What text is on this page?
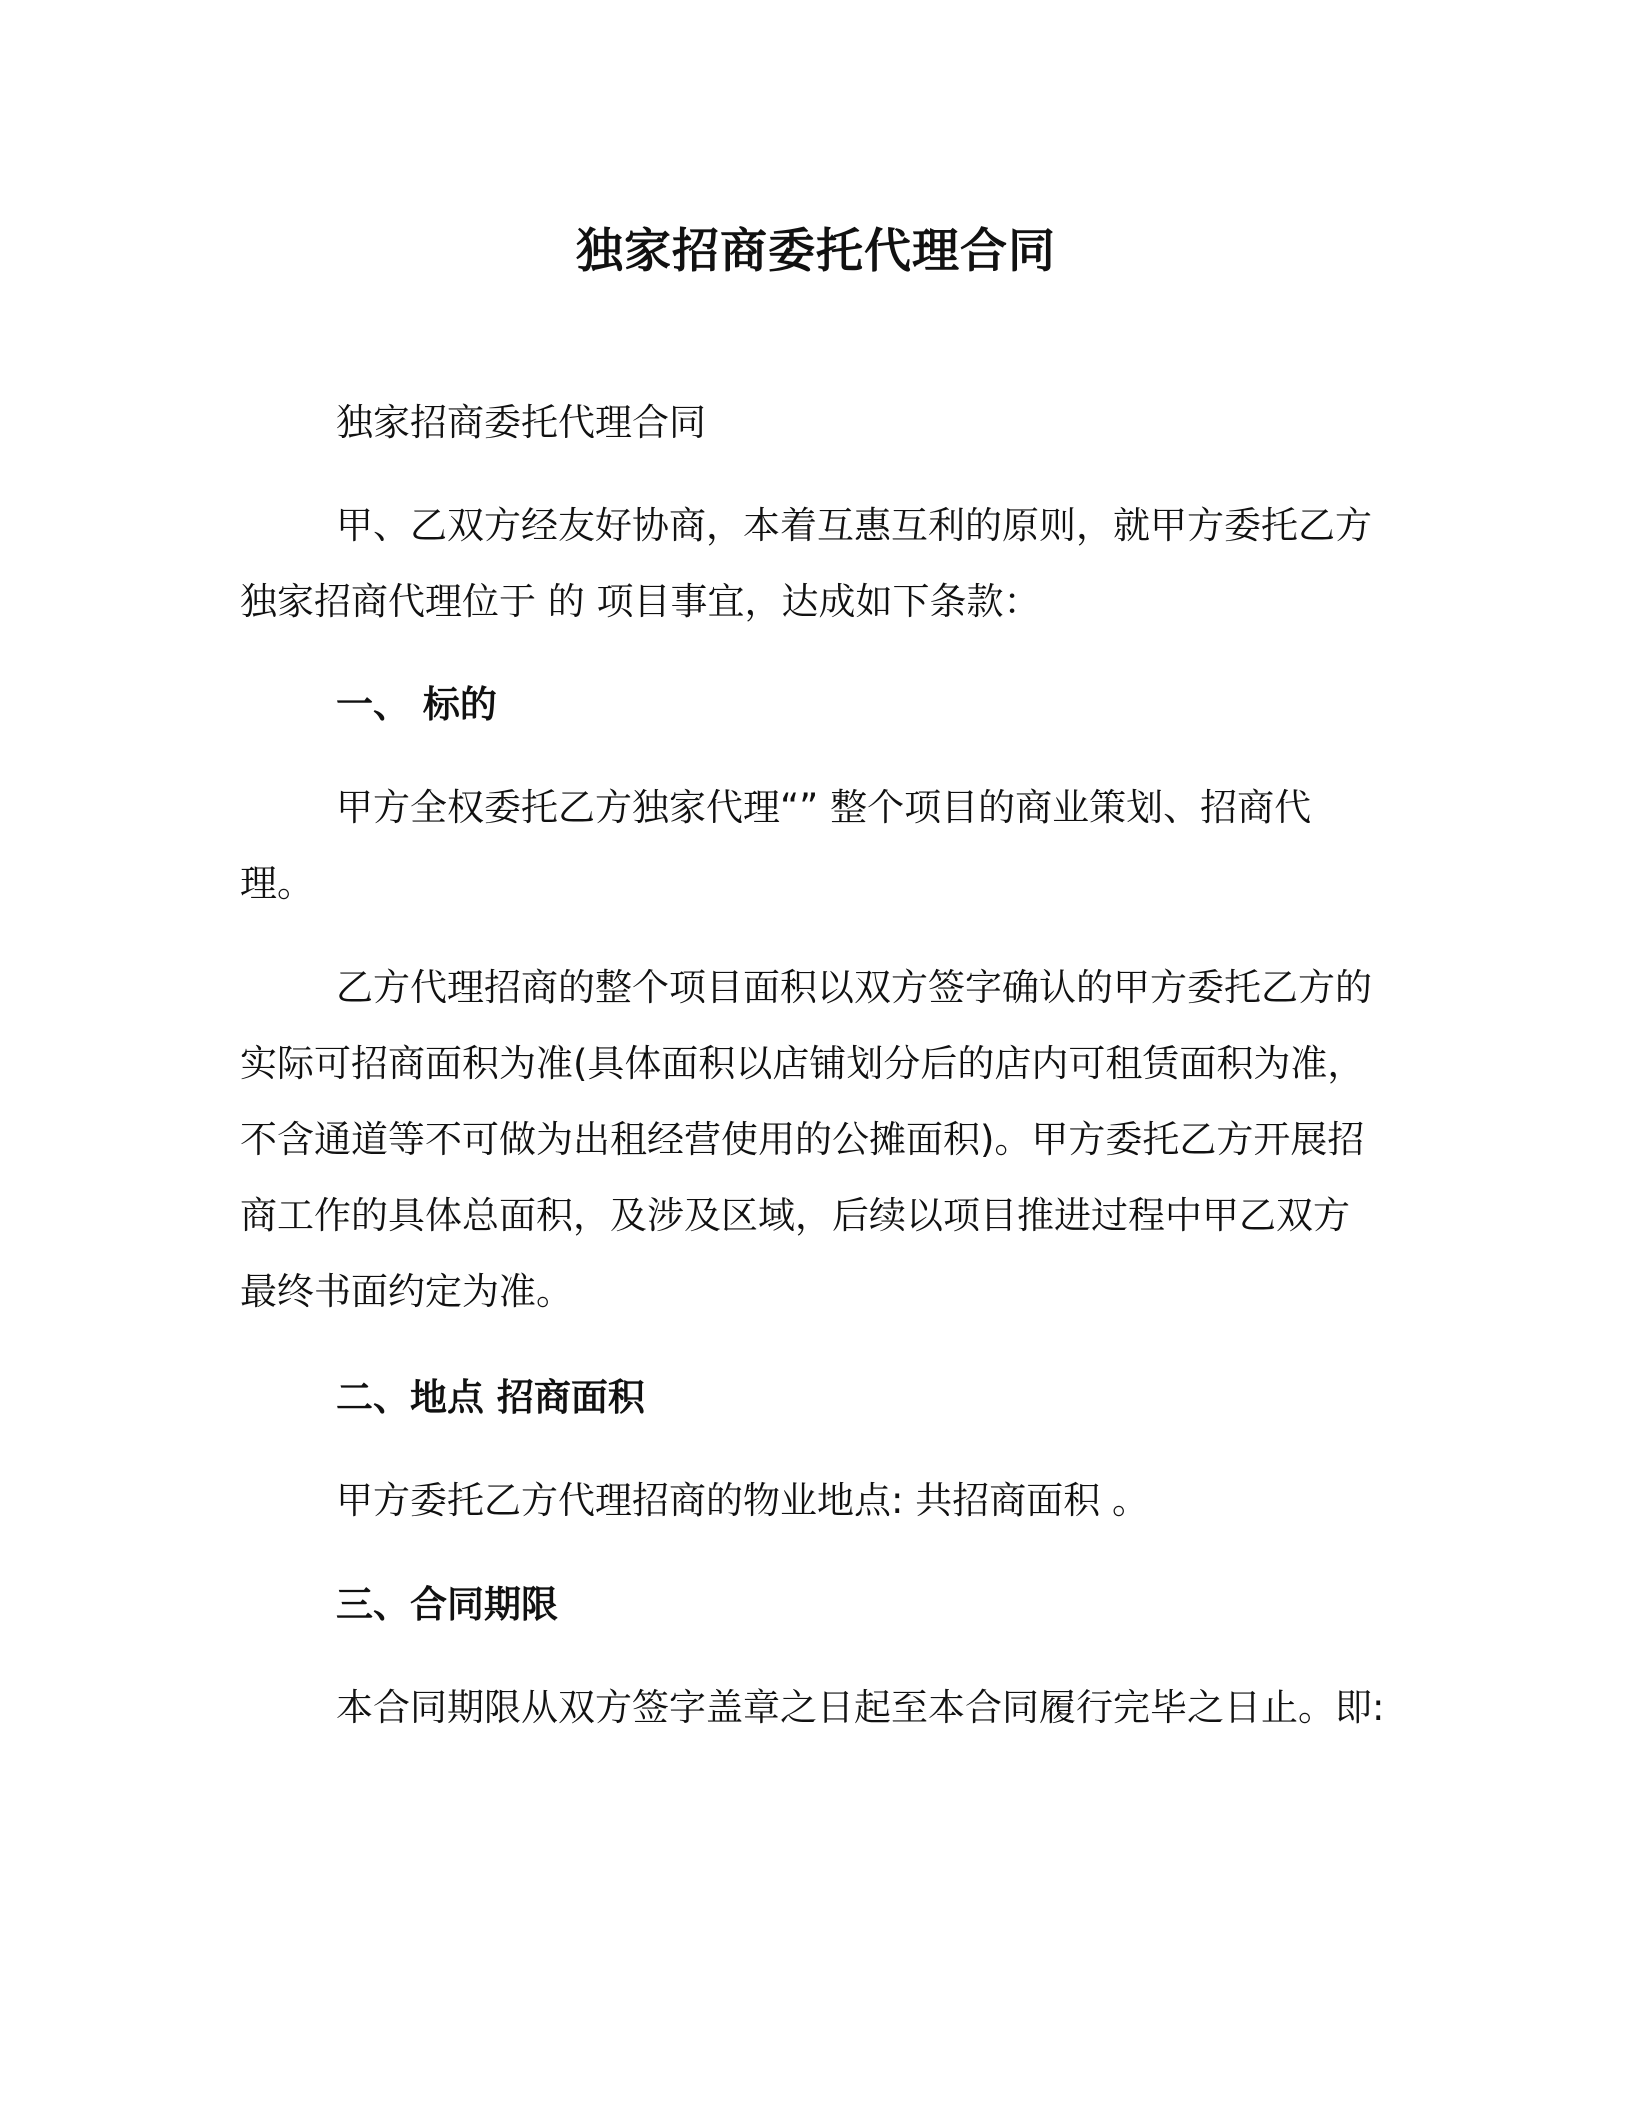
独家招商委托代理合同
独家招商委托代理合同
甲、乙双方经友好协商，本着互惠互利的原则，就甲方委托乙方
独家招商代理位于 的 项目事宜，达成如下条款：
一、 标的
甲方全权委托乙方独家代理“” 整个项目的商业策划、招商代
理。
乙方代理招商的整个项目面积以双方签字确认的甲方委托乙方的
实际可招商面积为准(具体面积以店铺划分后的店内可租赁面积为准，
不含通道等不可做为出租经营使用的公摊面积)。甲方委托乙方开展招
商工作的具体总面积，及涉及区域，后续以项目推进过程中甲乙双方
最终书面约定为准。
二、地点 招商面积
甲方委托乙方代理招商的物业地点: 共招商面积 。
三、合同期限
本合同期限从双方签字盖章之日起至本合同履行完毕之日止。即:
